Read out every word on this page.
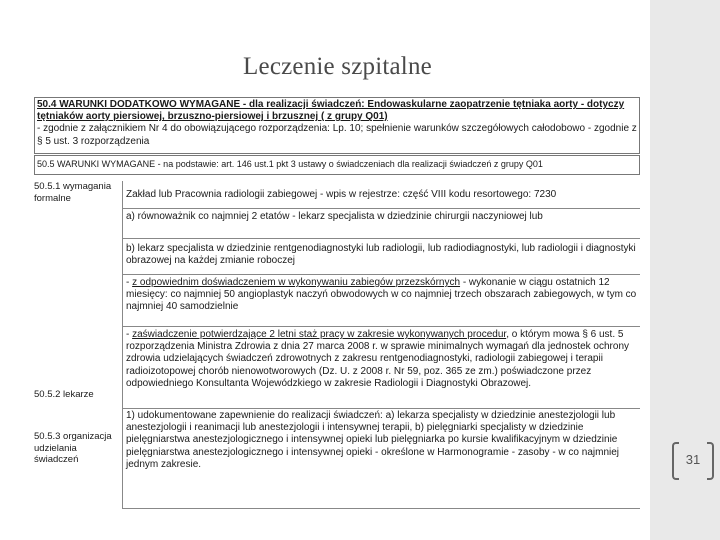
Leczenie szpitalne
50.4 WARUNKI DODATKOWO WYMAGANE - dla realizacji świadczeń: Endowaskularne zaopatrzenie tętniaka aorty - dotyczy tętniaków aorty piersiowej, brzuszno-piersiowej i brzusznej ( z grupy Q01)
- zgodnie z załącznikiem Nr 4 do obowiązującego rozporządzenia: Lp. 10; spełnienie warunków szczegółowych całodobowo - zgodnie z § 5 ust. 3 rozporządzenia
50.5 WARUNKI WYMAGANE - na podstawie: art. 146 ust.1 pkt 3 ustawy o świadczeniach dla realizacji świadczeń z grupy Q01
50.5.1 wymagania formalne	Zakład lub Pracownia radiologii zabiegowej - wpis w rejestrze: część VIII kodu resortowego: 7230
a) równoważnik co najmniej 2 etatów - lekarz specjalista w dziedzinie chirurgii naczyniowej lub
b) lekarz specjalista w dziedzinie rentgenodiagnostyki lub radiologii, lub radiodiagnostyki, lub radiologii i diagnostyki obrazowej na każdej zmianie roboczej
50.5.2 lekarze
- z odpowiednim doświadczeniem w wykonywaniu zabiegów przezskórnych - wykonanie w ciągu ostatnich 12 miesięcy: co najmniej 50 angioplastyk naczyń obwodowych w co najmniej trzech obszarach zabiegowych, w tym co najmniej 40 samodzielnie
- zaświadczenie potwierdzające 2 letni staż pracy w zakresie wykonywanych procedur, o którym mowa § 6 ust. 5 rozporządzenia Ministra Zdrowia z dnia 27 marca 2008 r. w sprawie minimalnych wymagań dla jednostek ochrony zdrowia udzielających świadczeń zdrowotnych z zakresu rentgenodiagnostyki, radiologii zabiegowej i terapii radioizotopowej chorób nienowotworowych (Dz. U. z 2008 r. Nr 59, poz. 365 ze zm.) poświadczone przez odpowiedniego Konsultanta Wojewódzkiego w zakresie Radiologii i Diagnostyki Obrazowej.
50.5.3 organizacja udzielania świadczeń
1) udokumentowane zapewnienie do realizacji świadczeń: a) lekarza specjalisty w dziedzinie anestezjologii lub anestezjologii i reanimacji lub anestezjologii i intensywnej terapii, b) pielęgniarki specjalisty w dziedzinie pielęgniarstwa anestezjologicznego i intensywnej opieki lub pielęgniarka po kursie kwalifikacyjnym w dziedzinie pielęgniarstwa anestezjologicznego i intensywnej opieki - określone w Harmonogramie - zasoby - w co najmniej jednym zakresie.	31
